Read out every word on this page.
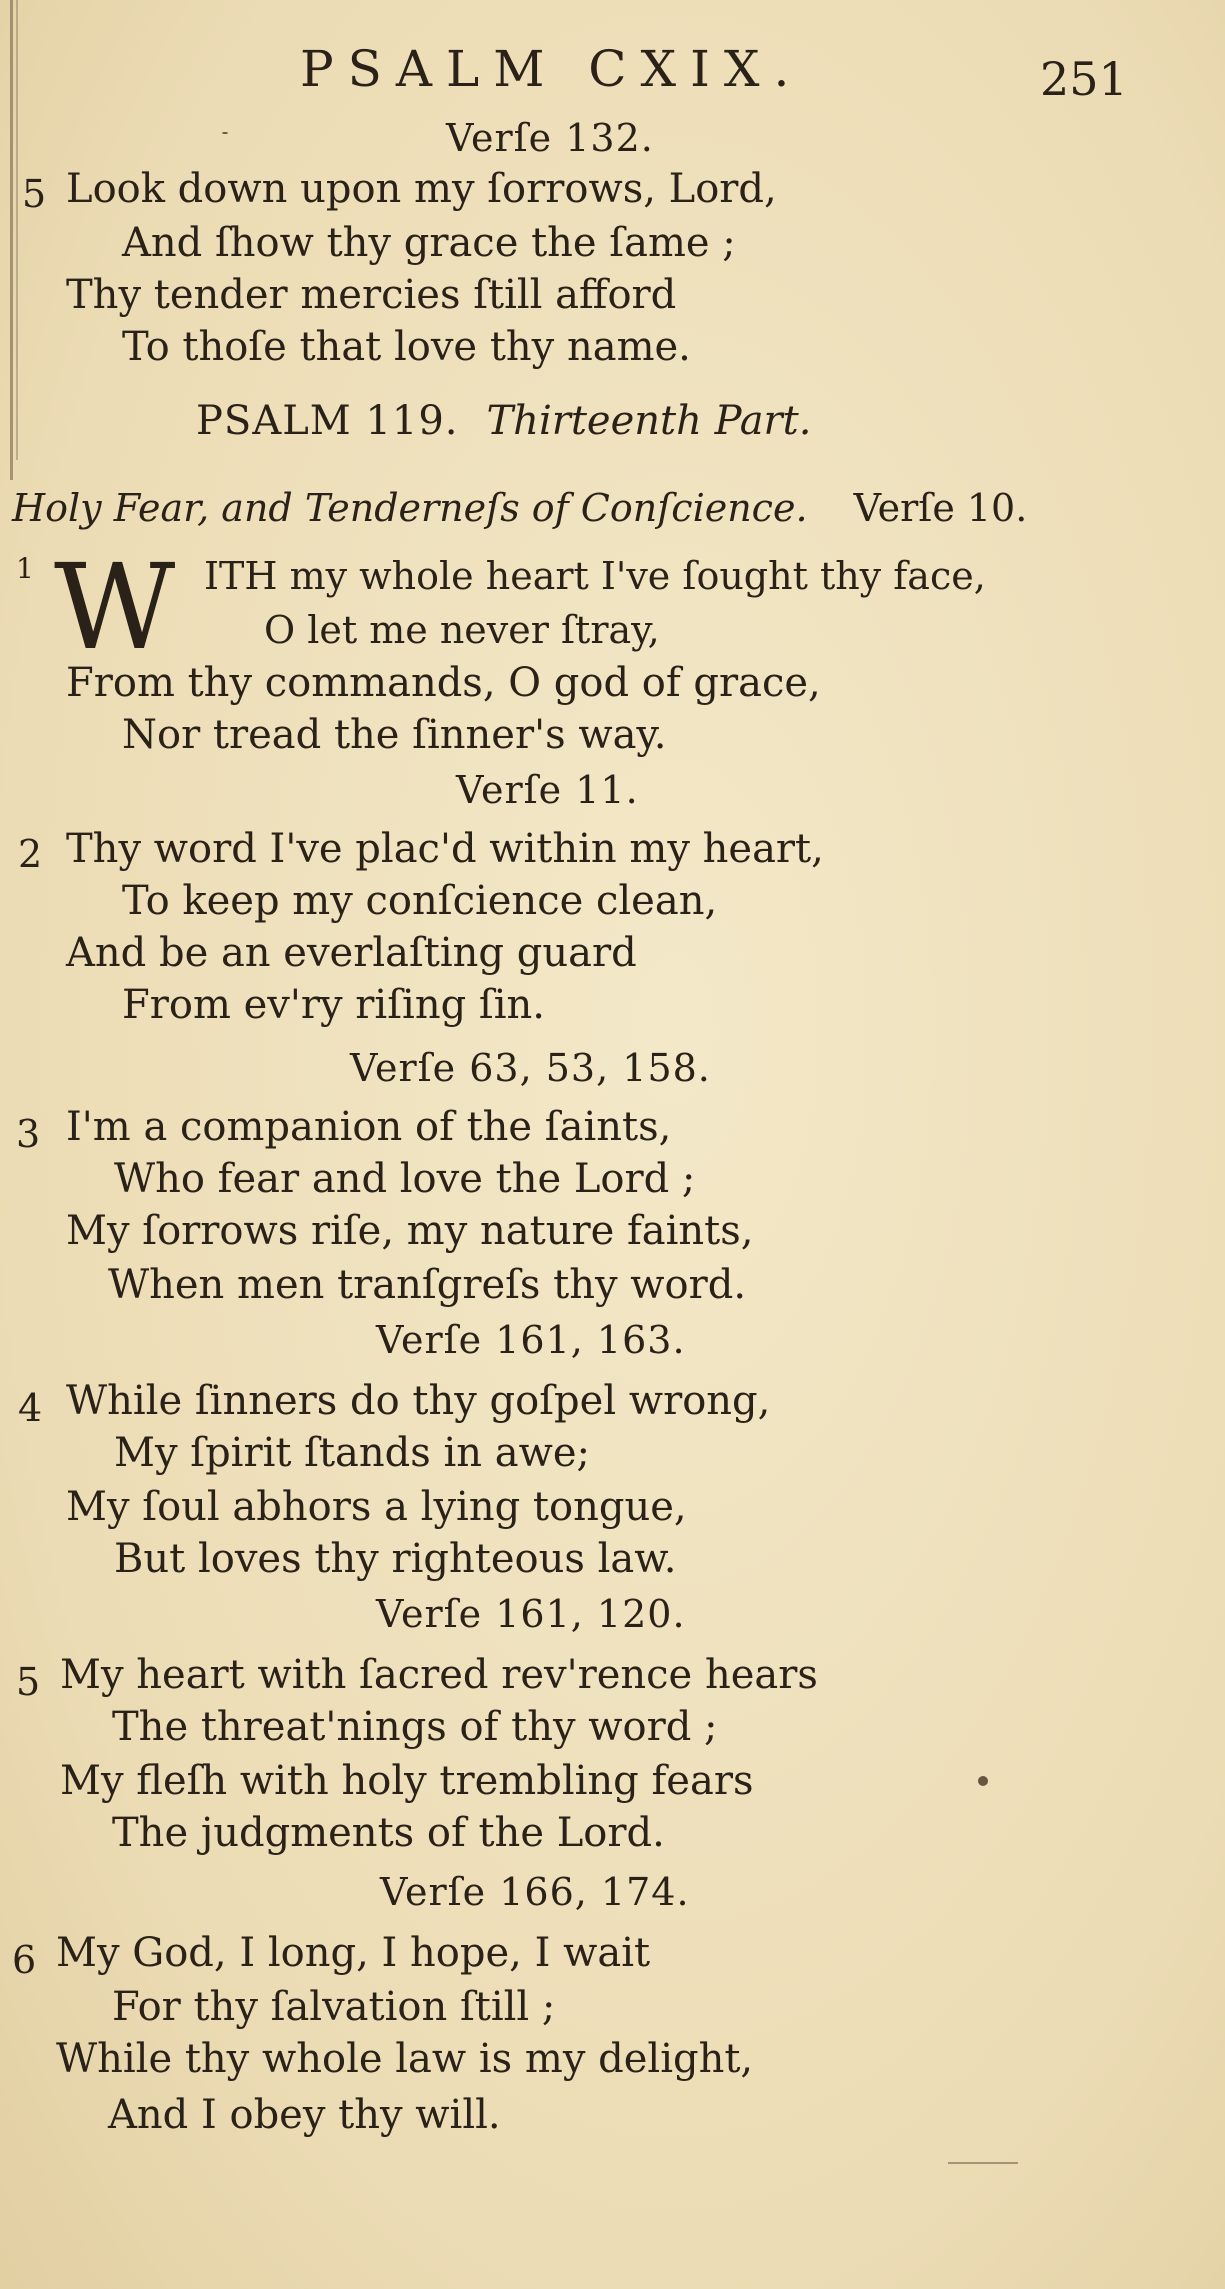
PSALM CXIX.	251
Verſe 132.
5 Look down upon my ſorrows, Lord,
And ſhow thy grace the ſame ;
Thy tender mercies ſtill afford
To thoſe that love thy name.
PSALM 119. Thirteenth Part.
Holy Fear, and Tenderneſs of Conſcience. Verſe 10.
1 W ITH my whole heart I've ſought thy face,
O let me never ſtray,
From thy commands, O god of grace,
Nor tread the ſinner's way.
Verſe 11.
2 Thy word I've plac'd within my heart,
To keep my conſcience clean,
And be an everlaſting guard
From ev'ry riſing ſin.
Verſe 63, 53, 158.
3 I'm a companion of the ſaints,
Who fear and love the Lord ;
My ſorrows riſe, my nature faints,
When men tranſgreſs thy word.
Verſe 161, 163.
4 While ſinners do thy goſpel wrong,
My ſpirit ſtands in awe;
My ſoul abhors a lying tongue,
But loves thy righteous law.
Verſe 161, 120.
5 My heart with ſacred rev'rence hears
The threat'nings of thy word ;
My fleſh with holy trembling fears
The judgments of the Lord.
Verſe 166, 174.
6 My God, I long, I hope, I wait
For thy ſalvation ſtill ;
While thy whole law is my delight,
And I obey thy will.
